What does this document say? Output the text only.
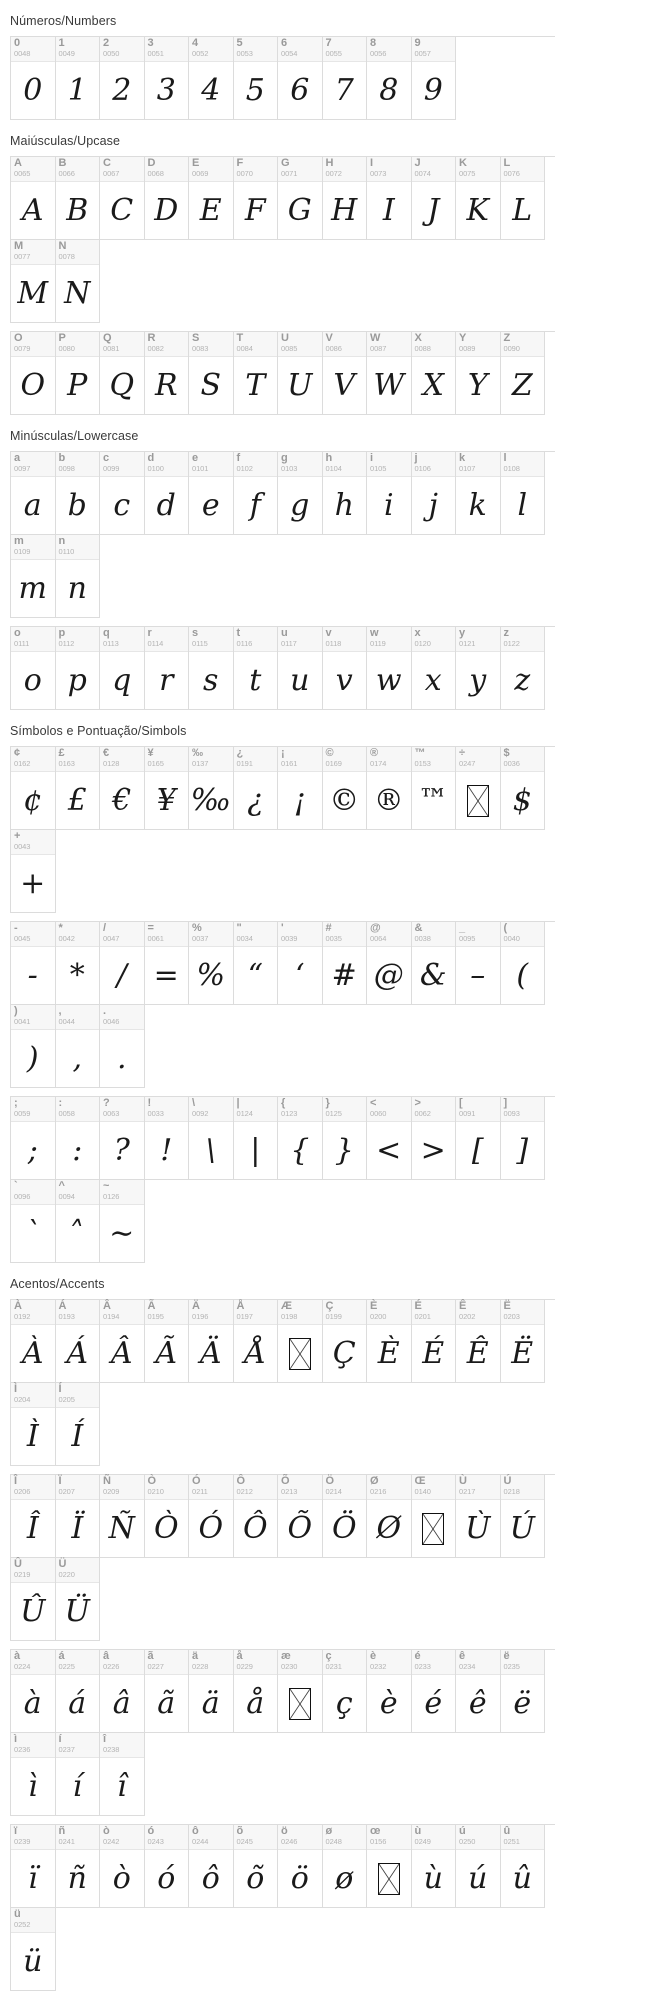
Números/Numbers
0
0048
0
1
0049
1
2
0050
2
3
0051
3
4
0052
4
5
0053
5
6
0054
6
7
0055
7
8
0056
8
9
0057
9
Maiúsculas/Upcase
A
0065
A
B
0066
B
C
0067
C
D
0068
D
E
0069
E
F
0070
F
G
0071
G
H
0072
H
I
0073
I
J
0074
J
K
0075
K
L
0076
L
M
0077
M
N
0078
N
O
0079
O
P
0080
P
Q
0081
Q
R
0082
R
S
0083
S
T
0084
T
U
0085
U
V
0086
V
W
0087
W
X
0088
X
Y
0089
Y
Z
0090
Z
Minúsculas/Lowercase
a
0097
a
b
0098
b
c
0099
c
d
0100
d
e
0101
e
f
0102
f
g
0103
g
h
0104
h
i
0105
i
j
0106
j
k
0107
k
l
0108
l
m
0109
m
n
0110
n
o
0111
o
p
0112
p
q
0113
q
r
0114
r
s
0115
s
t
0116
t
u
0117
u
v
0118
v
w
0119
w
x
0120
x
y
0121
y
z
0122
z
Símbolos e Pontuação/Simbols
¢
0162
¢
£
0163
£
€
0128
€
¥
0165
¥
‰
0137
‰
¿
0191
¿
¡
0161
¡
©
0169
©
®
0174
®
™
0153
™
÷
0247
$
0036
$
+
0043
+
-
0045
-
*
0042
*
/
0047
/
=
0061
=
%
0037
%
"
0034
“
'
0039
‘
#
0035
#
@
0064
@
&
0038
&
_
0095
–
(
0040
(
)
0041
)
,
0044
,
.
0046
.
;
0059
;
:
0058
:
?
0063
?
!
0033
!
\
0092
\
|
0124
|
{
0123
{
}
0125
}
<
0060
<
>
0062
>
[
0091
[
]
0093
]
`
0096
ˋ
^
0094
˄
~
0126
∼
Acentos/Accents
À
0192
À
Á
0193
Á
Â
0194
Â
Ã
0195
Ã
Ä
0196
Ä
Å
0197
Å
Æ
0198
Ç
0199
Ç
È
0200
È
É
0201
É
Ê
0202
Ê
Ë
0203
Ë
Ì
0204
Ì
Í
0205
Í
Î
0206
Î
Ï
0207
Ï
Ñ
0209
Ñ
Ò
0210
Ò
Ó
0211
Ó
Ô
0212
Ô
Õ
0213
Õ
Ö
0214
Ö
Ø
0216
Ø
Œ
0140
Ù
0217
Ù
Ú
0218
Ú
Û
0219
Û
Ü
0220
Ü
à
0224
à
á
0225
á
â
0226
â
ã
0227
ã
ä
0228
ä
å
0229
å
æ
0230
ç
0231
ç
è
0232
è
é
0233
é
ê
0234
ê
ë
0235
ë
ì
0236
ì
í
0237
í
î
0238
î
ï
0239
ï
ñ
0241
ñ
ò
0242
ò
ó
0243
ó
ô
0244
ô
õ
0245
õ
ö
0246
ö
ø
0248
ø
œ
0156
ù
0249
ù
ú
0250
ú
û
0251
û
ü
0252
ü
